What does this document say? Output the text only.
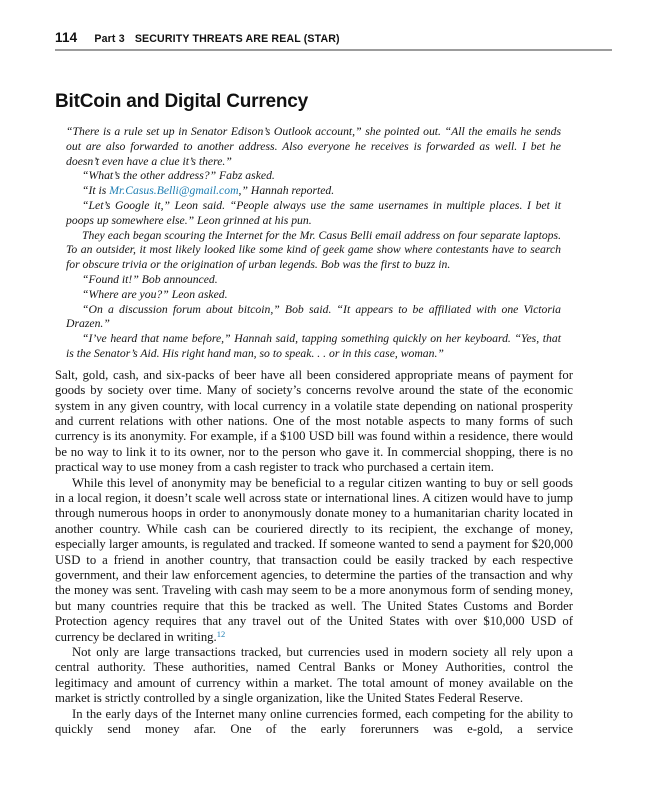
114 Part 3 SECURITY THREATS ARE REAL (STAR)
BitCoin and Digital Currency

“There is a rule set up in Senator Edison’s Outlook account,” she pointed out. “All the emails he sends out are also forwarded to another address. Also everyone he receives is forwarded as well. I bet he doesn’t even have a clue it’s there.”

“What’s the other address?” Fabz asked.

“It is Mr.Casus.Belli@gmail.com,” Hannah reported.

“Let’s Google it,” Leon said. “People always use the same usernames in multiple places. I bet it poops up somewhere else.” Leon grinned at his pun.

They each began scouring the Internet for the Mr. Casus Belli email address on four separate laptops. To an outsider, it most likely looked like some kind of geek game show where contestants have to search for obscure trivia or the origination of urban legends. Bob was the first to buzz in.

“Found it!” Bob announced.

“Where are you?” Leon asked.

“On a discussion forum about bitcoin,” Bob said. “It appears to be affiliated with one Victoria Drazen.”

“I’ve heard that name before,” Hannah said, tapping something quickly on her keyboard. “Yes, that is the Senator’s Aid. His right hand man, so to speak. . . or in this case, woman.”

Salt, gold, cash, and six-packs of beer have all been considered appropriate means of payment for goods by society over time. Many of society’s concerns revolve around the state of the economic system in any given country, with local currency in a volatile state depending on national prosperity and current relations with other nations. One of the most notable aspects to many forms of such currency is its anonymity. For example, if a $100 USD bill was found within a residence, there would be no way to link it to its owner, nor to the person who gave it. In commercial shopping, there is no practical way to use money from a cash register to track who purchased a certain item.

While this level of anonymity may be beneficial to a regular citizen wanting to buy or sell goods in a local region, it doesn’t scale well across state or international lines. A citizen would have to jump through numerous hoops in order to anonymously donate money to a humanitarian charity located in another country. While cash can be couriered directly to its recipient, the exchange of money, especially larger amounts, is regulated and tracked. If someone wanted to send a payment for $20,000 USD to a friend in another country, that transaction could be easily tracked by each respective government, and their law enforcement agencies, to determine the parties of the transaction and why the money was sent. Traveling with cash may seem to be a more anonymous form of sending money, but many countries require that this be tracked as well. The United States Customs and Border Protection agency requires that any travel out of the United States with over $10,000 USD of currency be declared in writing.$^{12}$

Not only are large transactions tracked, but currencies used in modern society all rely upon a central authority. These authorities, named Central Banks or Money Authorities, control the legitimacy and amount of currency within a market. The total amount of money available on the market is strictly controlled by a single organization, like the United States Federal Reserve.

In the early days of the Internet many online currencies formed, each competing for the ability to quickly send money afar. One of the early forerunners was e-gold, a service
